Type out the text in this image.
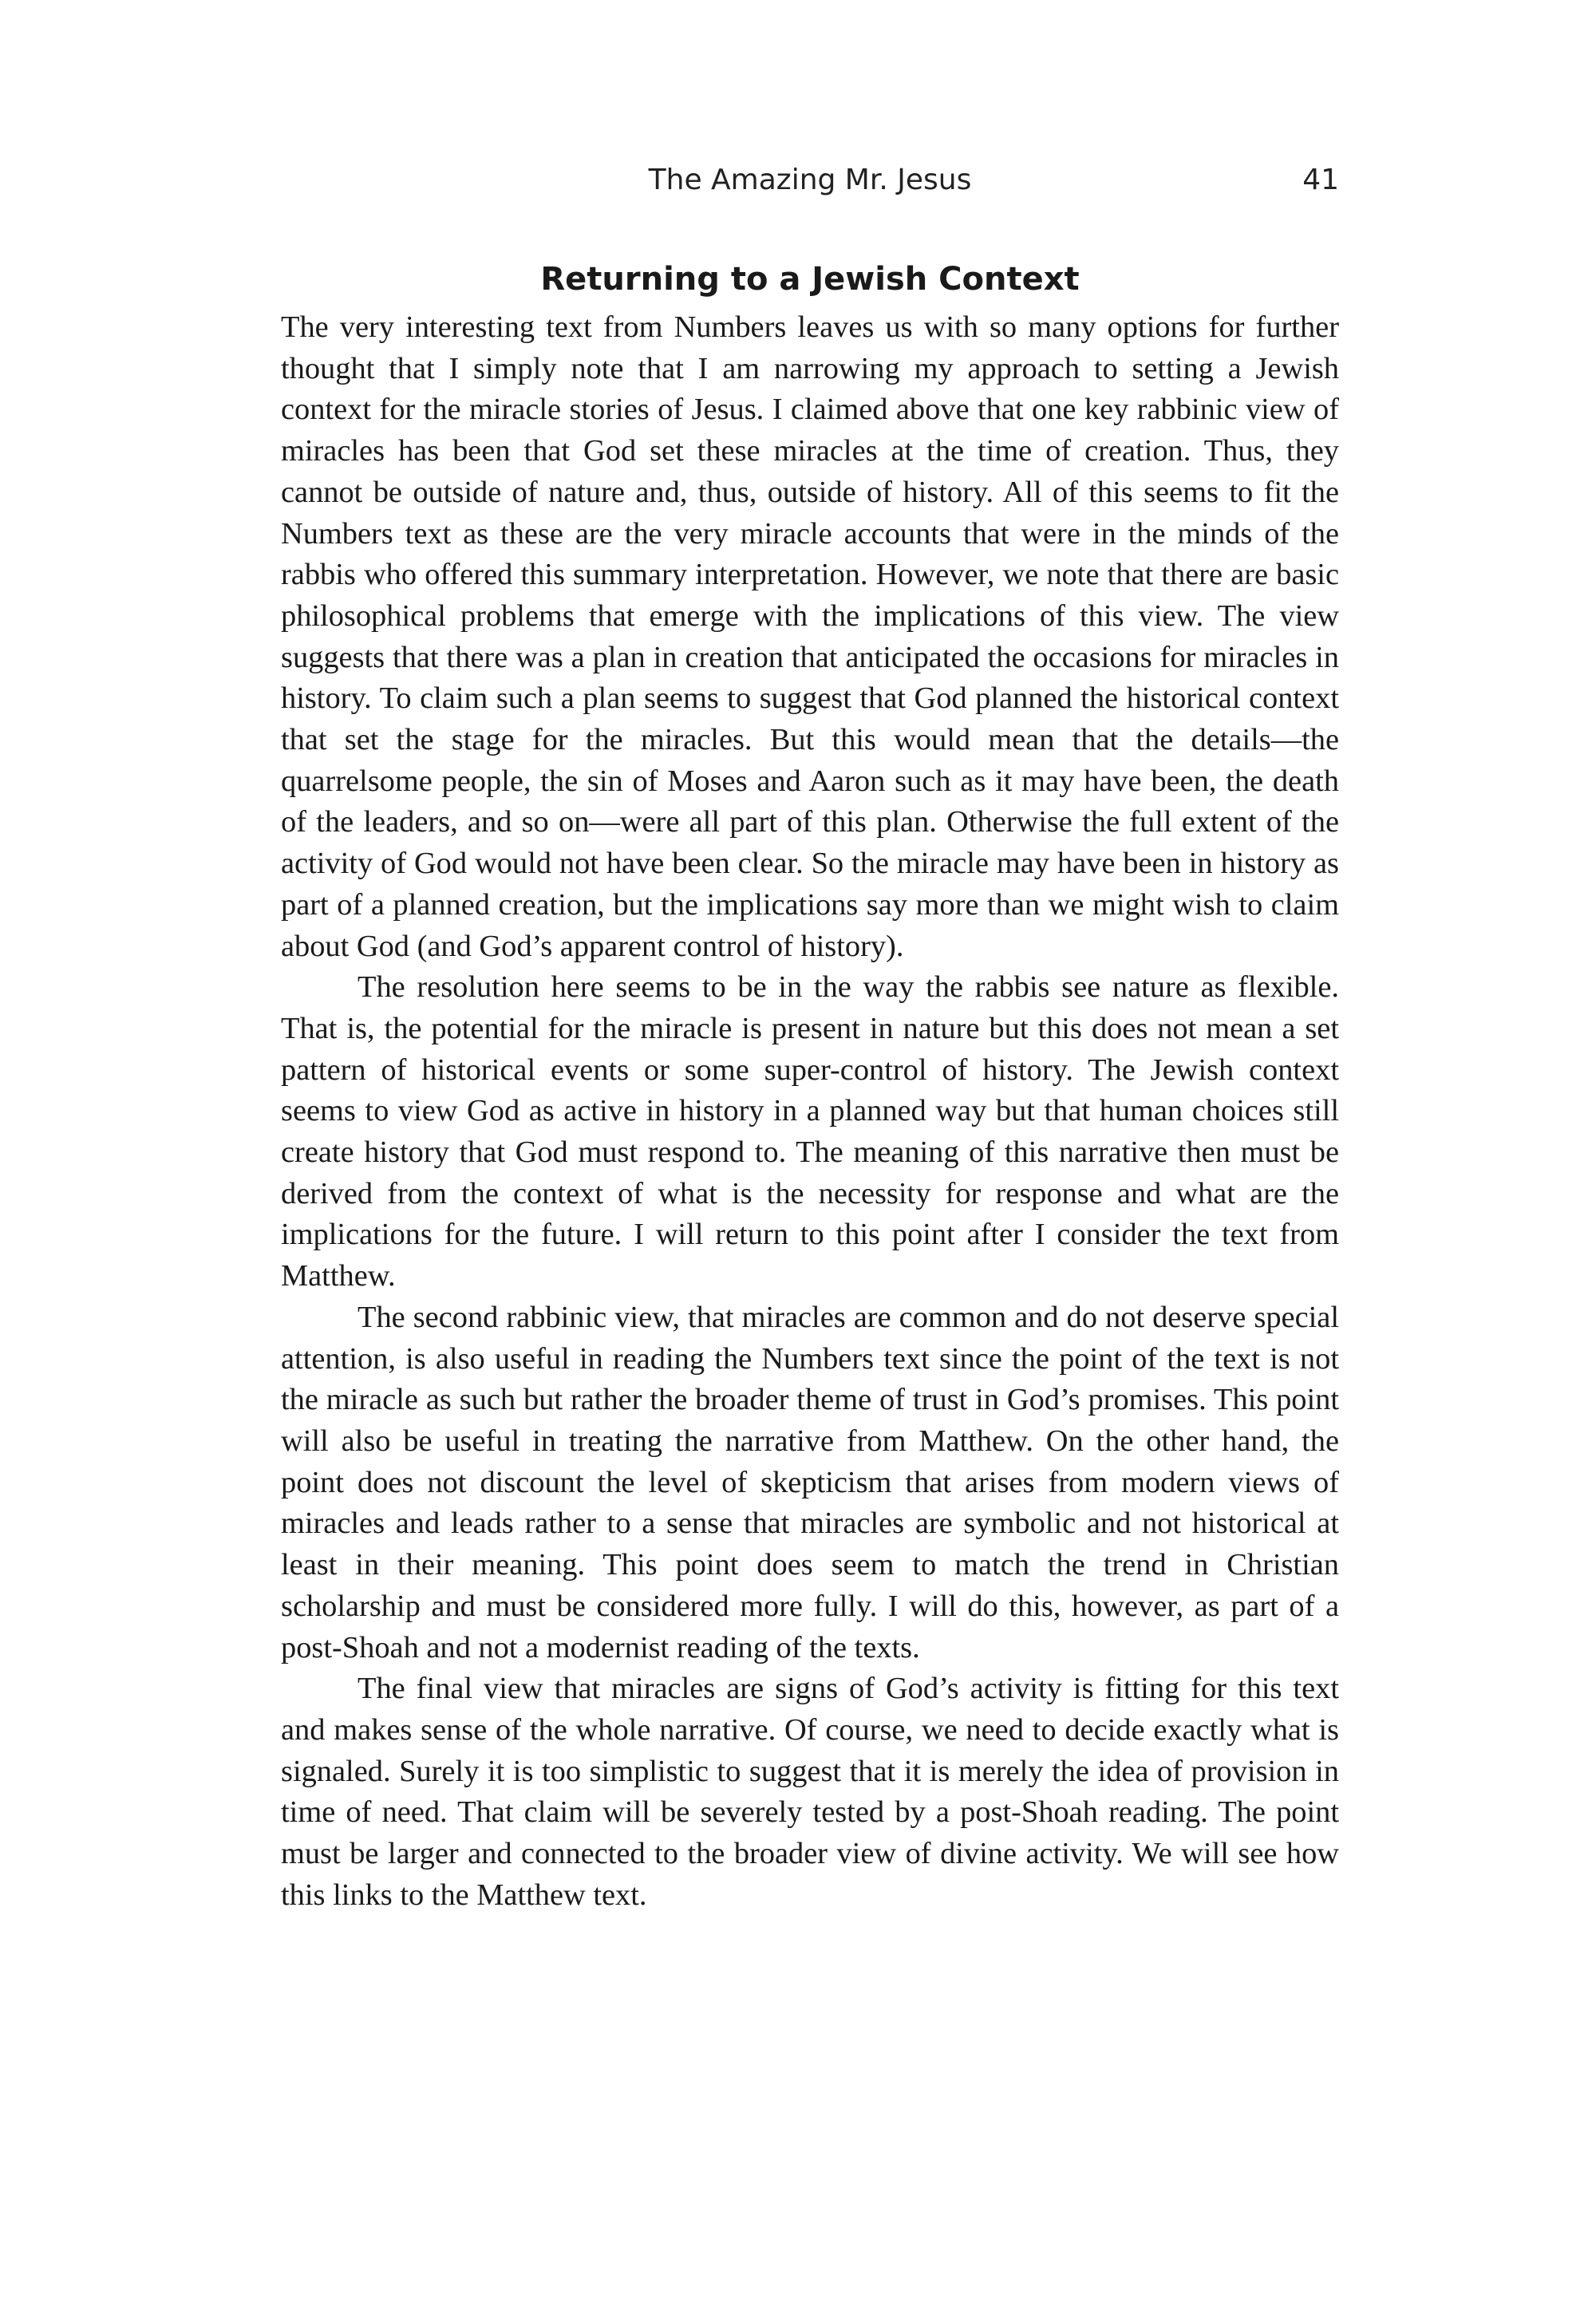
The Amazing Mr. Jesus	41
Returning to a Jewish Context

The very interesting text from Numbers leaves us with so many options for further thought that I simply note that I am narrowing my approach to setting a Jewish context for the miracle stories of Jesus. I claimed above that one key rabbinic view of miracles has been that God set these miracles at the time of creation. Thus, they cannot be outside of nature and, thus, outside of history. All of this seems to fit the Numbers text as these are the very miracle accounts that were in the minds of the rabbis who offered this summary interpretation. However, we note that there are basic philosophical problems that emerge with the implications of this view. The view suggests that there was a plan in creation that anticipated the occasions for miracles in history. To claim such a plan seems to suggest that God planned the historical context that set the stage for the miracles. But this would mean that the details—the quarrelsome people, the sin of Moses and Aaron such as it may have been, the death of the leaders, and so on—were all part of this plan. Otherwise the full extent of the activity of God would not have been clear. So the miracle may have been in history as part of a planned creation, but the implications say more than we might wish to claim about God (and God’s apparent control of history).

The resolution here seems to be in the way the rabbis see nature as flexible. That is, the potential for the miracle is present in nature but this does not mean a set pattern of historical events or some super-control of history. The Jewish context seems to view God as active in history in a planned way but that human choices still create history that God must respond to. The meaning of this narrative then must be derived from the context of what is the necessity for response and what are the implications for the future. I will return to this point after I consider the text from Matthew.

The second rabbinic view, that miracles are common and do not deserve special attention, is also useful in reading the Numbers text since the point of the text is not the miracle as such but rather the broader theme of trust in God’s promises. This point will also be useful in treating the narrative from Matthew. On the other hand, the point does not discount the level of skepticism that arises from modern views of miracles and leads rather to a sense that miracles are symbolic and not historical at least in their meaning. This point does seem to match the trend in Christian scholarship and must be considered more fully. I will do this, however, as part of a post-Shoah and not a modernist reading of the texts.

The final view that miracles are signs of God’s activity is fitting for this text and makes sense of the whole narrative. Of course, we need to decide exactly what is signaled. Surely it is too simplistic to suggest that it is merely the idea of provision in time of need. That claim will be severely tested by a post-Shoah reading. The point must be larger and connected to the broader view of divine activity. We will see how this links to the Matthew text.
